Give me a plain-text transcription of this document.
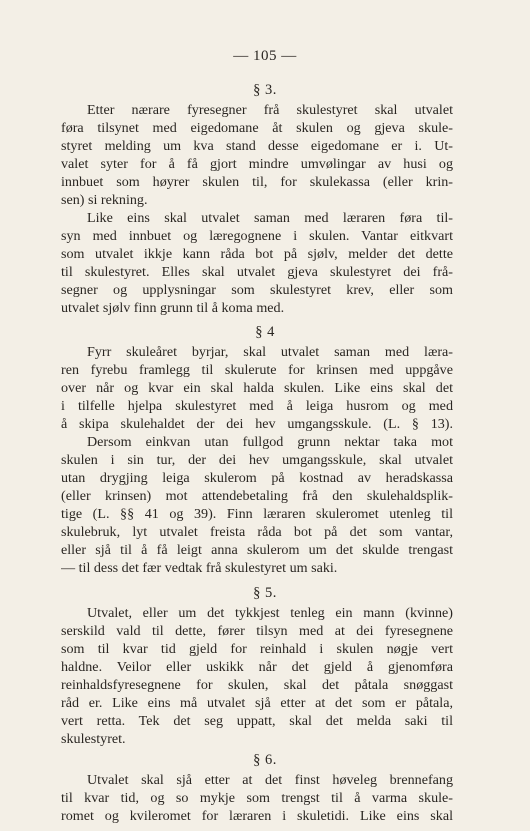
— 105 —
§ 3.
Etter nærare fyresegner frå skulestyret skal utvalet
føra tilsynet med eigedomane åt skulen og gjeva skule-
styret melding um kva stand desse eigedomane er i. Ut-
valet syter for å få gjort mindre umvølingar av husi og
innbuet som høyrer skulen til, for skulekassa (eller krin-
sen) si rekning.
Like eins skal utvalet saman med læraren føra til-
syn med innbuet og læregognene i skulen. Vantar eitkvart
som utvalet ikkje kann råda bot på sjølv, melder det dette
til skulestyret. Elles skal utvalet gjeva skulestyret dei frå-
segner og upplysningar som skulestyret krev, eller som
utvalet sjølv finn grunn til å koma med.
§ 4
Fyrr skuleåret byrjar, skal utvalet saman med lærа-
ren fyrebu framlegg til skulerute for krinsen med uppgåve
over når og kvar ein skal halda skulen. Like eins skal det
i tilfelle hjelpa skulestyret med å leiga husrom og med
å skipa skulehaldet der dei hev umgangsskule. (L. § 13).
Dersom einkvan utan fullgod grunn nektar taka mot
skulen i sin tur, der dei hev umgangsskule, skal utvalet
utan drygjing leiga skulerom på kostnad av heradskassa
(eller krinsen) mot attendebetaling frå den skulehaldsplik-
tige (L. §§ 41 og 39). Finn læraren skuleromet utenleg til
skulebruk, lyt utvalet freista råda bot på det som vantar,
eller sjå til å få leigt anna skulerom um det skulde trengast
— til dess det fær vedtak frå skulestyret um saki.
§ 5.
Utvalet, eller um det tykkjest tenleg ein mann (kvinne)
serskild vald til dette, fører tilsyn med at dei fyresegnene
som til kvar tid gjeld for reinhald i skulen nøgje vert
haldne. Veilor eller uskikk når det gjeld å gjenomføra
reinhaldsfyresegnene for skulen, skal det påtala snøggast
råd er. Like eins må utvalet sjå etter at det som er påtala,
vert retta. Tek det seg uppatt, skal det melda saki til
skulestyret.
§ 6.
Utvalet skal sjå etter at det finst høveleg brennefang
til kvar tid, og so mykje som trengst til å varma skule-
romet og kvileromet for læraren i skuletidi. Like eins skal
